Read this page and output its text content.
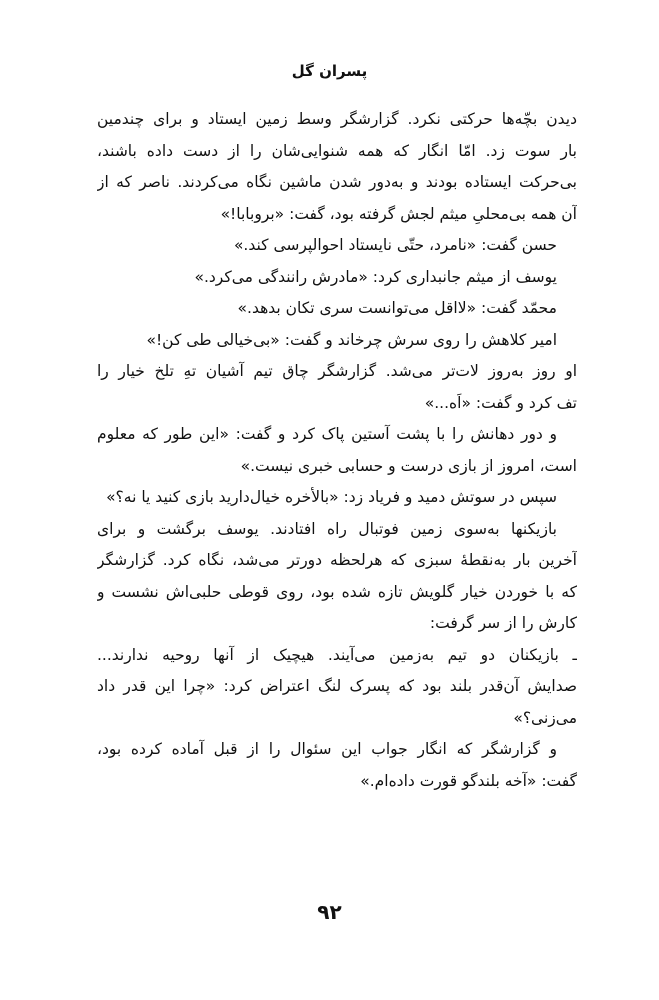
پسران گل
دیدن بچّه‌ها حرکتی نکرد. گزارشگر وسط زمین ایستاد و برای چندمین
بار سوت زد. امّا انگار که همه شنوایی‌شان را از دست داده باشند،
بی‌حرکت ایستاده بودند و به‌دور شدن ماشین نگاه می‌کردند. ناصر که از
آن همه بی‌محلیِ میثم لجش گرفته بود، گفت: «بروبابا!»
حسن گفت: «نامرد، حتّی نایستاد احوالپرسی کند.»
یوسف از میثم جانبداری کرد: «مادرش رانندگی می‌کرد.»
محمّد گفت: «لااقل می‌توانست سری تکان بدهد.»
امیر کلاهش را روی سرش چرخاند و گفت: «بی‌خیالی طی کن!»
او روز به‌روز لات‌تر می‌شد. گزارشگر چاق تیم آشیان تهِ تلخ خیار را
تف کرد و گفت: «اَه...»
و دور دهانش را با پشت آستین پاک کرد و گفت: «این طور که معلوم
است، امروز از بازی درست و حسابی خبری نیست.»
سپس در سوتش دمید و فریاد زد: «بالأخره خیال‌دارید بازی کنید یا نه؟»
بازیکنها به‌سوی زمین فوتبال راه افتادند. یوسف برگشت و برای
آخرین بار به‌نقطهٔ سبزی که هرلحظه دورتر می‌شد، نگاه کرد. گزارشگر
که با خوردن خیار گلویش تازه شده بود، روی قوطی حلبی‌اش نشست و
کارش را از سر گرفت:
ـ بازیکنان دو تیم به‌زمین می‌آیند. هیچیک از آنها روحیه ندارند...
صدایش آن‌قدر بلند بود که پسرک لنگ اعتراض کرد: «چرا این قدر داد
می‌زنی؟»
و گزارشگر که انگار جواب این سئوال را از قبل آماده کرده بود،
گفت: «آخه بلندگو قورت داده‌ام.»
۹۲
